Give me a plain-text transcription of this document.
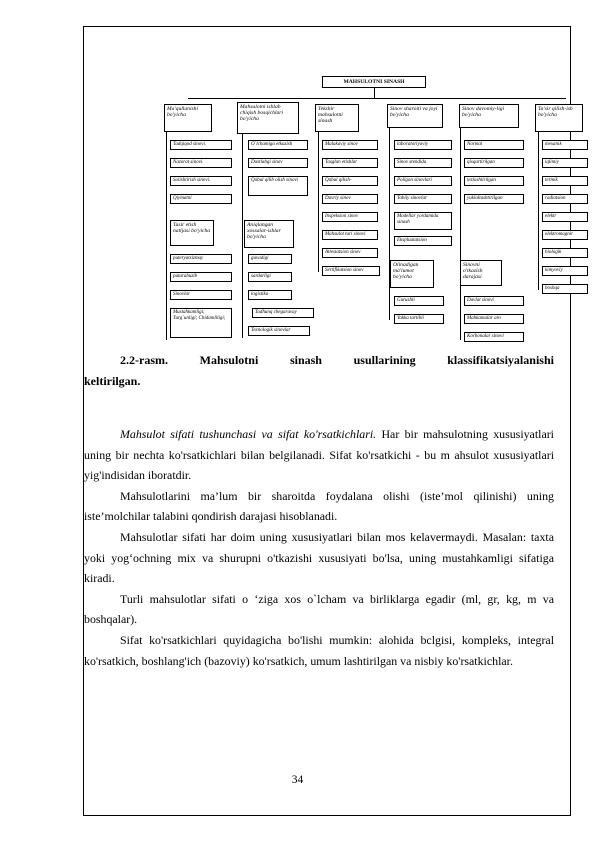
MAHSULOTNI SINASH
Ma'qullanishi bo'yicha
Mahsulotni ishlab chiqish bosqichlari bo'yicha
Tekshir mahsulotni sinash
Sinov sharoiti va joyi bo'yicha
Sinov davomiy-ligi bo'yicha
Ta'sir qilish-ish bo'yicha
Tadqiqod sinovi.
Nazorat sinovi.
Solishtirish sinovi.
Qiymatni
Tasir etish natijasi bo'yicha
puteryatsizmay
puturabuzib
Sinovlar
Mustahkamligi; Turg`unligi; Chidamliligi;
O`lchamiga etkazish
Dastlabgi sinov
Qabul qilib olish sinovi
Aniqlangan xossalar-ishlar bo'yicha
guvadigi
sardarligi
logistika
Tadhunq chegaravay
Texnologik sinovlar
Malakaviy sinov
Tasglan etishlar
Qabul qilish-
Davriy sinov
Inspeksion sinov
Mahsulot turi sinovi
Attestatsion sinov
Sertifikatsion sinov
laboratoriyaviy
Sinov stendida
Poligon sinovlari
Tabiiy sinovlar
Modellar yordamida sinash
Ekspluatatsion
Olinadigan ma'lumot bo'yicha
Gurushli
Yakka tartibli
Normal
qisqartirilgan
tezlashtirilgan
yuklaltashtirilgan
Sinovni o'tkazish darajasi
Davlat sinovi
Mahkamalar aro
Korhonalar sinovi
mexanik
iqlimiy
termik
radiatsion
elektr
elektromagnit
biologik
kimyoviy
boshqa
2.2-rasm.	Mahsulotni	sinash	usullarining	klassifikatsiyalanishi
keltirilgan.

Mahsulot sifati tushunchasi va sifat ko'rsatkichlari. Har bir mahsulotning xususiyatlari uning bir nechta ko'rsatkichlari bilan belgilanadi. Sifat ko'rsatkichi - bu m ahsulot xususiyatlari yig'indisidan iboratdir.

Mahsulotlarini ma’lum bir sharoitda foydalana olishi (iste’mol qilinishi) uning iste’molchilar talabini qondirish darajasi hisoblanadi.

Mahsulotlar sifati har doim uning xususiyatlari bilan mos kelavermaydi. Masalan: taxta yoki yog‘ochning mix va shurupni o'tkazishi xususiyati bo'lsa, uning mustahkamligi sifatiga kiradi.

Turli mahsulotlar sifati o ‘ziga xos o`lcham va birliklarga egadir (ml, gr, kg, m va boshqalar).

Sifat ko'rsatkichlari quyidagicha bo'lishi mumkin: alohida bclgisi, kompleks, integral ko'rsatkich, boshlang'ich (bazoviy) ko'rsatkich, umum lashtirilgan va nisbiy ko'rsatkichlar.

34
